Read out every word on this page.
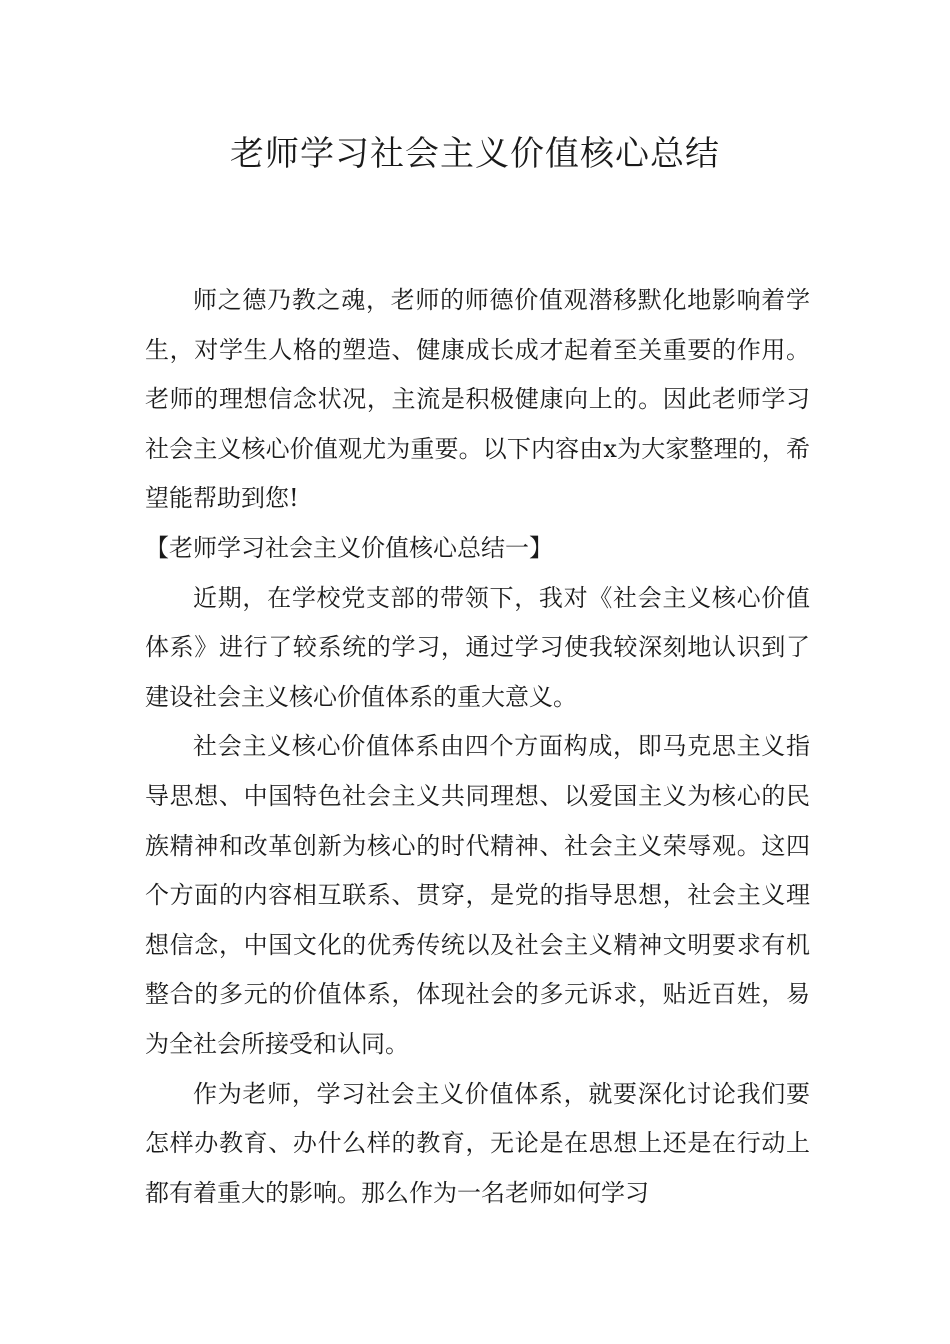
老师学习社会主义价值核心总结

师之德乃教之魂，老师的师德价值观潜移默化地影响着学生，对学生人格的塑造、健康成长成才起着至关重要的作用。老师的理想信念状况，主流是积极健康向上的。因此老师学习社会主义核心价值观尤为重要。以下内容由x为大家整理的，希望能帮助到您!

【老师学习社会主义价值核心总结一】

近期，在学校党支部的带领下，我对《社会主义核心价值体系》进行了较系统的学习，通过学习使我较深刻地认识到了建设社会主义核心价值体系的重大意义。

社会主义核心价值体系由四个方面构成，即马克思主义指导思想、中国特色社会主义共同理想、以爱国主义为核心的民族精神和改革创新为核心的时代精神、社会主义荣辱观。这四个方面的内容相互联系、贯穿，是党的指导思想，社会主义理想信念，中国文化的优秀传统以及社会主义精神文明要求有机整合的多元的价值体系，体现社会的多元诉求，贴近百姓，易为全社会所接受和认同。

作为老师，学习社会主义价值体系，就要深化讨论我们要怎样办教育、办什么样的教育，无论是在思想上还是在行动上都有着重大的影响。那么作为一名老师如何学习
